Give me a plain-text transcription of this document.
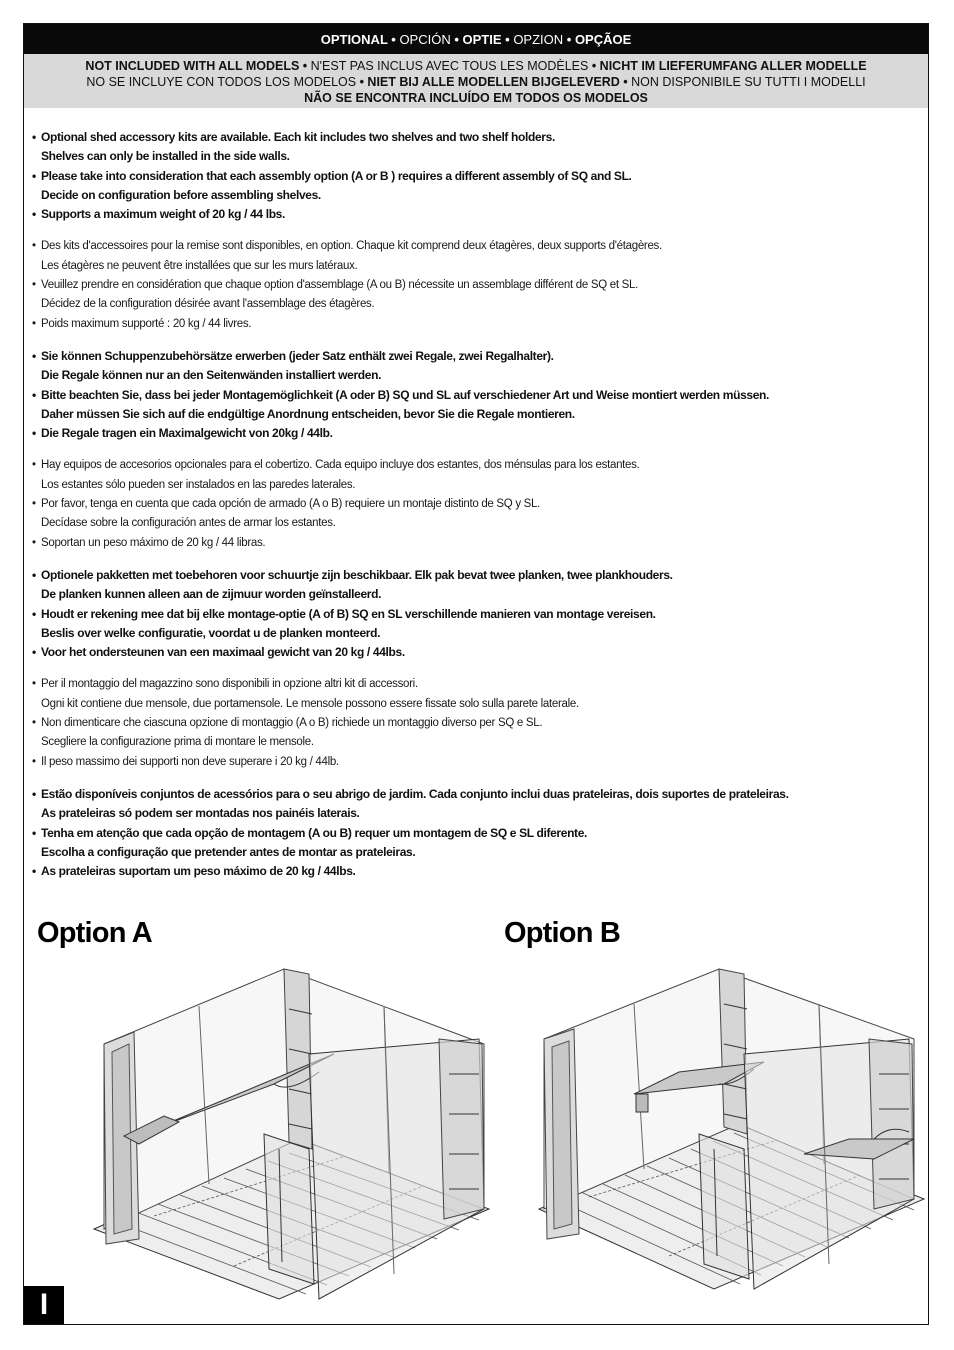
OPTIONAL • OPCIÓN • OPTIE • OPZION • OPÇÃOE
NOT INCLUDED WITH ALL MODELS • N'EST PAS INCLUS AVEC TOUS LES MODÈLES • NICHT IM LIEFERUMFANG ALLER MODELLE
NO SE INCLUYE CON TODOS LOS MODELOS • NIET BIJ ALLE MODELLEN BIJGELEVERD • NON DISPONIBILE SU TUTTI I MODELLI
NÃO SE ENCONTRA INCLUÍDO EM TODOS OS MODELOS
• Optional shed accessory kits are available. Each kit includes two shelves and two shelf holders.
Shelves can only be installed in the side walls.
• Please take into consideration that each assembly option (A or B ) requires a different assembly of SQ and SL.
Decide on configuration before assembling shelves.
• Supports a maximum weight of 20 kg / 44 lbs.
• Des kits d'accessoires pour la remise sont disponibles, en option. Chaque kit comprend deux étagères, deux supports d'étagères.
Les étagères ne peuvent être installées que sur les murs latéraux.
• Veuillez prendre en considération que chaque option d'assemblage (A ou B) nécessite un assemblage différent de SQ et SL.
Décidez de la configuration désirée avant l'assemblage des étagères.
• Poids maximum supporté : 20 kg / 44 livres.
• Sie können Schuppenzubehörsätze erwerben (jeder Satz enthält zwei Regale, zwei Regalhalter).
Die Regale können nur an den Seitenwänden installiert werden.
• Bitte beachten Sie, dass bei jeder Montagemöglichkeit (A oder B) SQ und SL auf verschiedener Art und Weise montiert werden müssen.
Daher müssen Sie sich auf die endgültige Anordnung entscheiden, bevor Sie die Regale montieren.
• Die Regale tragen ein Maximalgewicht von 20kg / 44lb.
• Hay equipos de accesorios opcionales para el cobertizo. Cada equipo incluye dos estantes, dos ménsulas para los estantes.
Los estantes sólo pueden ser instalados en las paredes laterales.
• Por favor, tenga en cuenta que cada opción de armado (A o B) requiere un montaje distinto de SQ y SL.
Decídase sobre la configuración antes de armar los estantes.
• Soportan un peso máximo de 20 kg / 44 libras.
• Optionele pakketten met toebehoren voor schuurtje zijn beschikbaar. Elk pak bevat twee planken, twee plankhouders.
De planken kunnen alleen aan de zijmuur worden geïnstalleerd.
• Houdt er rekening mee dat bij elke montage-optie (A of B) SQ en SL verschillende manieren van montage vereisen.
Beslis over welke configuratie, voordat u de planken monteerd.
• Voor het ondersteunen van een maximaal gewicht van 20 kg / 44lbs.
• Per il montaggio del magazzino sono disponibili in opzione altri kit di accessori.
Ogni kit contiene due mensole, due portamensole. Le mensole possono essere fissate solo sulla parete laterale.
• Non dimenticare che ciascuna opzione di montaggio (A o B) richiede un montaggio diverso per SQ e SL.
Scegliere la configurazione prima di montare le mensole.
• Il peso massimo dei supporti non deve superare i 20 kg / 44lb.
• Estão disponíveis conjuntos de acessórios para o seu abrigo de jardim. Cada conjunto inclui duas prateleiras, dois suportes de prateleiras.
As prateleiras só podem ser montadas nos painéis laterais.
• Tenha em atenção que cada opção de montagem (A ou B) requer um montagem de SQ e SL diferente.
Escolha a configuração que pretender antes de montar as prateleiras.
• As prateleiras suportam um peso máximo de 20 kg / 44lbs.
Option A	Option B
I
